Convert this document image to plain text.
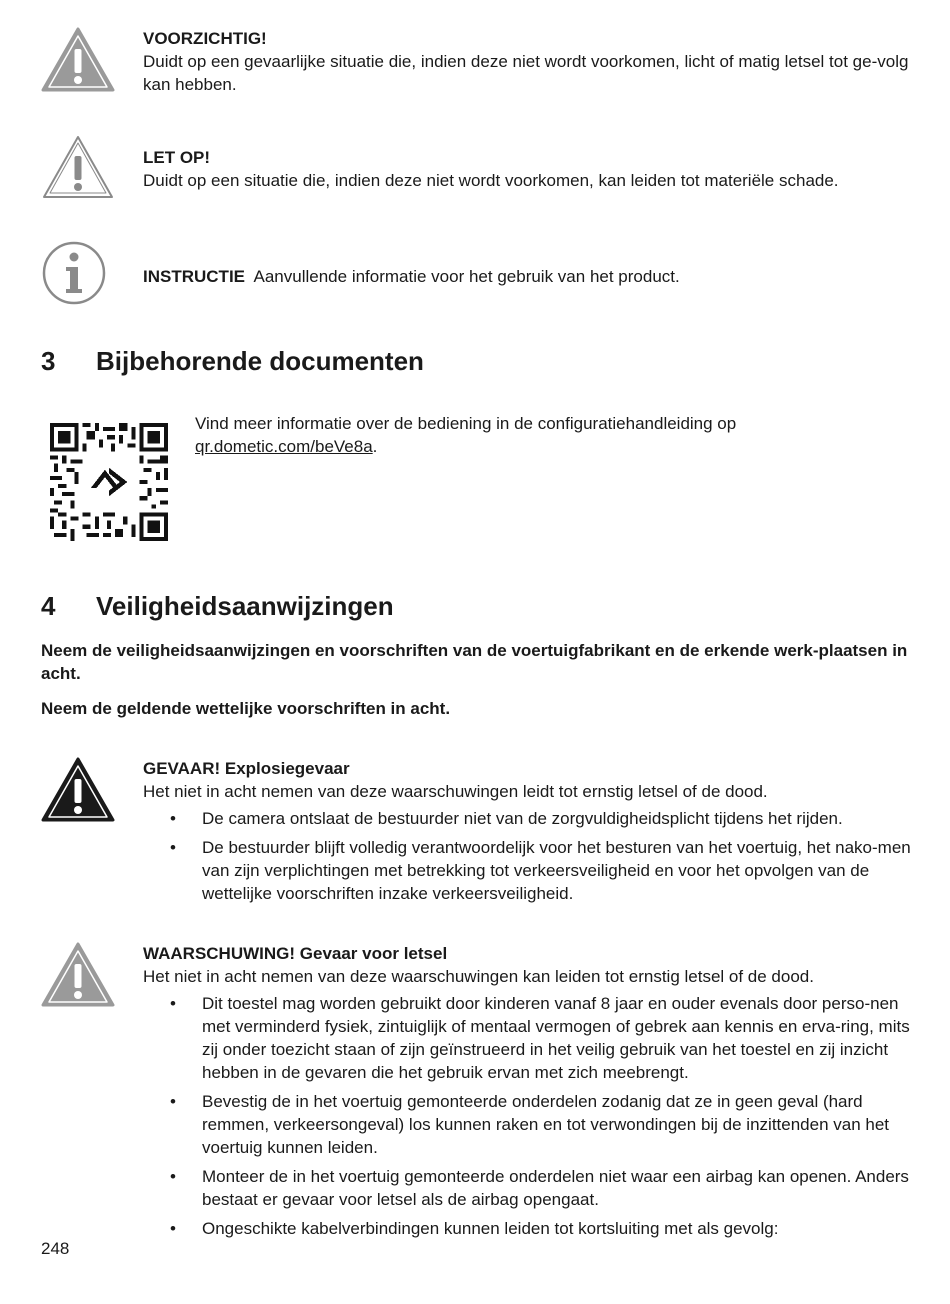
VOORZICHTIG!
Duidt op een gevaarlijke situatie die, indien deze niet wordt voorkomen, licht of matig letsel tot ge-volg kan hebben.
LET OP!
Duidt op een situatie die, indien deze niet wordt voorkomen, kan leiden tot materiële schade.
INSTRUCTIE Aanvullende informatie voor het gebruik van het product.
3 Bijbehorende documenten
Vind meer informatie over de bediening in de configuratiehandleiding op
qr.dometic.com/beVe8a.
4 Veiligheidsaanwijzingen
Neem de veiligheidsaanwijzingen en voorschriften van de voertuigfabrikant en de erkende werk-plaatsen in acht.
Neem de geldende wettelijke voorschriften in acht.
GEVAAR! Explosiegevaar
Het niet in acht nemen van deze waarschuwingen leidt tot ernstig letsel of de dood.
• De camera ontslaat de bestuurder niet van de zorgvuldigheidsplicht tijdens het rijden.
• De bestuurder blijft volledig verantwoordelijk voor het besturen van het voertuig, het nako-men van zijn verplichtingen met betrekking tot verkeersveiligheid en voor het opvolgen van de wettelijke voorschriften inzake verkeersveiligheid.
WAARSCHUWING! Gevaar voor letsel
Het niet in acht nemen van deze waarschuwingen kan leiden tot ernstig letsel of de dood.
• Dit toestel mag worden gebruikt door kinderen vanaf 8 jaar en ouder evenals door perso-nen met verminderd fysiek, zintuiglijk of mentaal vermogen of gebrek aan kennis en erva-ring, mits zij onder toezicht staan of zijn geïnstrueerd in het veilig gebruik van het toestel en zij inzicht hebben in de gevaren die het gebruik ervan met zich meebrengt.
• Bevestig de in het voertuig gemonteerde onderdelen zodanig dat ze in geen geval (hard remmen, verkeersongeval) los kunnen raken en tot verwondingen bij de inzittenden van het voertuig kunnen leiden.
• Monteer de in het voertuig gemonteerde onderdelen niet waar een airbag kan openen. Anders bestaat er gevaar voor letsel als de airbag opengaat.
• Ongeschikte kabelverbindingen kunnen leiden tot kortsluiting met als gevolg:
248
